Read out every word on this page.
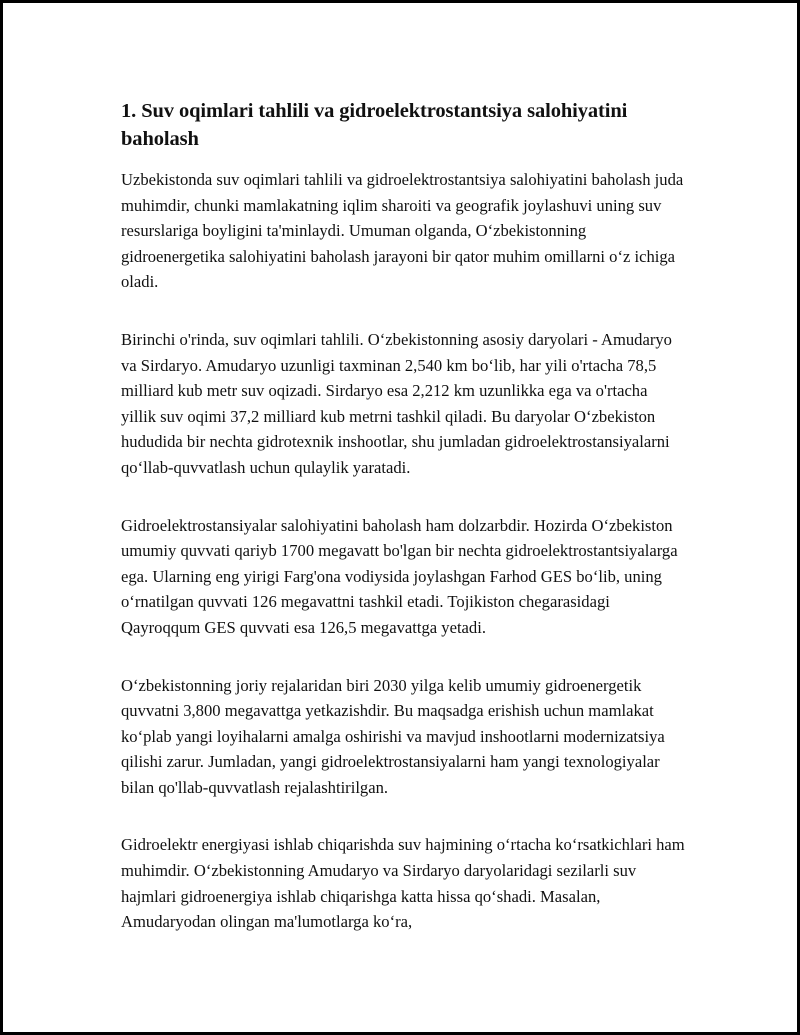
1. Suv oqimlari tahlili va gidroelektrostantsiya salohiyatini baholash

Uzbekistonda suv oqimlari tahlili va gidroelektrostantsiya salohiyatini baholash juda muhimdir, chunki mamlakatning iqlim sharoiti va geografik joylashuvi uning suv resurslariga boyligini ta'minlaydi. Umuman olganda, O‘zbekistonning gidroenergetika salohiyatini baholash jarayoni bir qator muhim omillarni o‘z ichiga oladi.

Birinchi o'rinda, suv oqimlari tahlili. O‘zbekistonning asosiy daryolari - Amudaryo va Sirdaryo. Amudaryo uzunligi taxminan 2,540 km bo‘lib, har yili o'rtacha 78,5 milliard kub metr suv oqizadi. Sirdaryo esa 2,212 km uzunlikka ega va o'rtacha yillik suv oqimi 37,2 milliard kub metrni tashkil qiladi. Bu daryolar O‘zbekiston hududida bir nechta gidrotexnik inshootlar, shu jumladan gidroelektrostansiyalarni qo‘llab-quvvatlash uchun qulaylik yaratadi.

Gidroelektrostansiyalar salohiyatini baholash ham dolzarbdir. Hozirda O‘zbekiston umumiy quvvati qariyb 1700 megavatt bo'lgan bir nechta gidroelektrostantsiyalarga ega. Ularning eng yirigi Farg'ona vodiysida joylashgan Farhod GES bo‘lib, uning o‘rnatilgan quvvati 126 megavattni tashkil etadi. Tojikiston chegarasidagi Qayroqqum GES quvvati esa 126,5 megavattga yetadi.

O‘zbekistonning joriy rejalaridan biri 2030 yilga kelib umumiy gidroenergetik quvvatni 3,800 megavattga yetkazishdir. Bu maqsadga erishish uchun mamlakat ko‘plab yangi loyihalarni amalga oshirishi va mavjud inshootlarni modernizatsiya qilishi zarur. Jumladan, yangi gidroelektrostansiyalarni ham yangi texnologiyalar bilan qo'llab-quvvatlash rejalashtirilgan.

Gidroelektr energiyasi ishlab chiqarishda suv hajmining o‘rtacha ko‘rsatkichlari ham muhimdir. O‘zbekistonning Amudaryo va Sirdaryo daryolaridagi sezilarli suv hajmlari gidroenergiya ishlab chiqarishga katta hissa qo‘shadi. Masalan, Amudaryodan olingan ma'lumotlarga ko‘ra,
